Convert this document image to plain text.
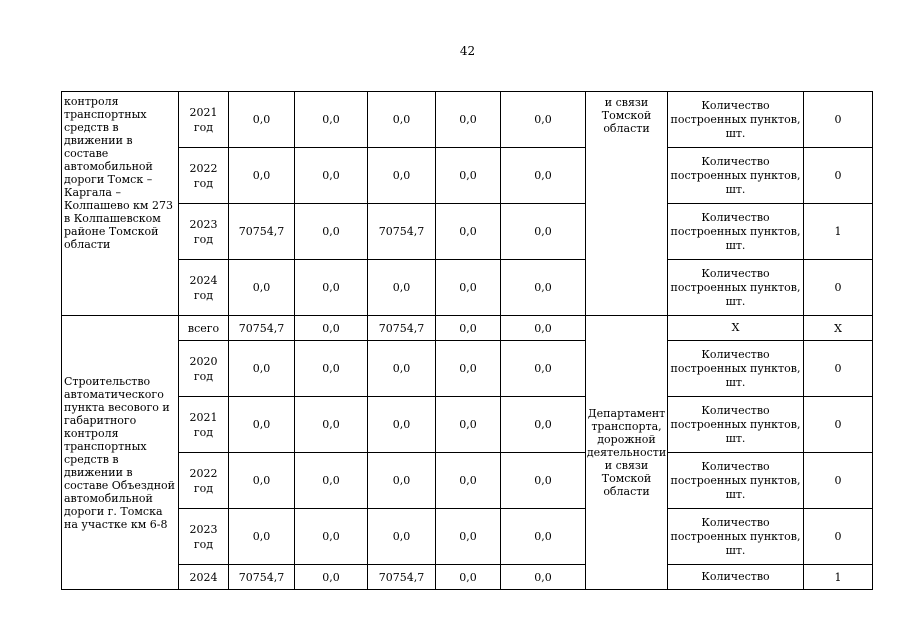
42
контроля транспортных средств в движении в составе автомобильной дороги Томск – Каргала – Колпашево км 273 в Колпашевском районе Томской области	2021 год	0,0	0,0	0,0	0,0	0,0	и связи Томской области	Количество построенных пунктов, шт.	0
	2022 год	0,0	0,0	0,0	0,0	0,0		Количество построенных пунктов, шт.	0
	2023 год	70754,7	0,0	70754,7	0,0	0,0		Количество построенных пунктов, шт.	1
	2024 год	0,0	0,0	0,0	0,0	0,0		Количество построенных пунктов, шт.	0
Строительство автоматического пункта весового и габаритного контроля транспортных средств в движении в составе Объездной автомобильной дороги г. Томска на участке км 6-8	всего	70754,7	0,0	70754,7	0,0	0,0	Департамент транспорта, дорожной деятельности и связи Томской области	Х	Х
	2020 год	0,0	0,0	0,0	0,0	0,0		Количество построенных пунктов, шт.	0
	2021 год	0,0	0,0	0,0	0,0	0,0		Количество построенных пунктов, шт.	0
	2022 год	0,0	0,0	0,0	0,0	0,0		Количество построенных пунктов, шт.	0
	2023 год	0,0	0,0	0,0	0,0	0,0		Количество построенных пунктов, шт.	0
	2024	70754,7	0,0	70754,7	0,0	0,0		Количество	1
